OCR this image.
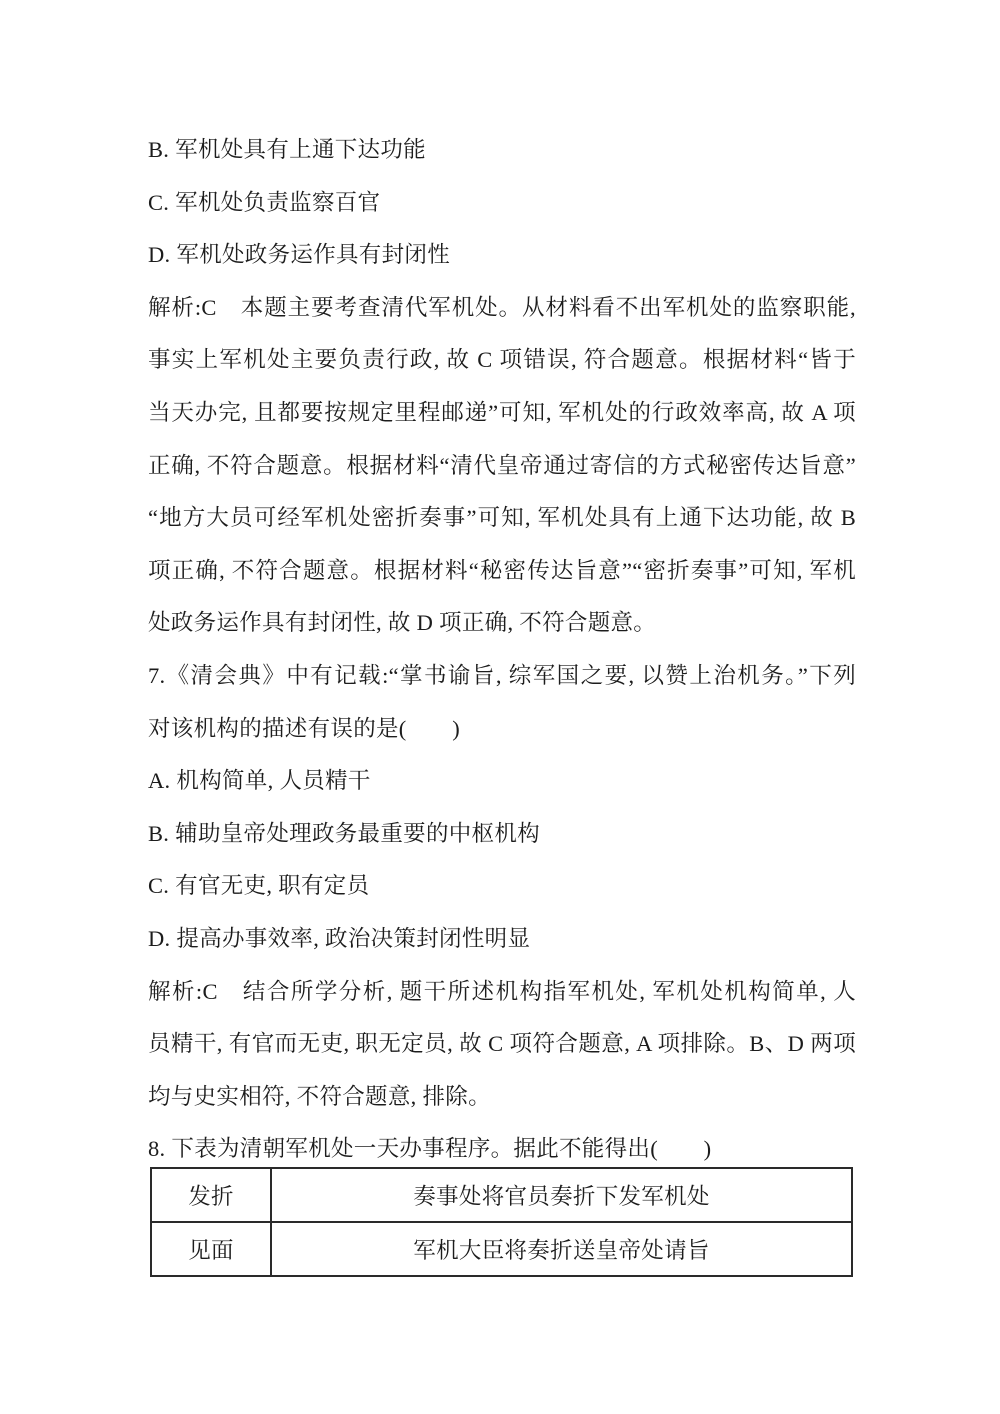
B. 军机处具有上通下达功能
C. 军机处负责监察百官
D. 军机处政务运作具有封闭性
解析:C　本题主要考查清代军机处。从材料看不出军机处的监察职能,
事实上军机处主要负责行政, 故 C 项错误, 符合题意。根据材料“皆于
当天办完, 且都要按规定里程邮递”可知, 军机处的行政效率高, 故 A 项
正确, 不符合题意。根据材料“清代皇帝通过寄信的方式秘密传达旨意”
“地方大员可经军机处密折奏事”可知, 军机处具有上通下达功能, 故 B
项正确, 不符合题意。根据材料“秘密传达旨意”“密折奏事”可知, 军机
处政务运作具有封闭性, 故 D 项正确, 不符合题意。
7.《清会典》中有记载:“掌书谕旨, 综军国之要, 以赞上治机务。”下列
对该机构的描述有误的是(　　)
A. 机构简单, 人员精干
B. 辅助皇帝处理政务最重要的中枢机构
C. 有官无吏, 职有定员
D. 提高办事效率, 政治决策封闭性明显
解析:C　结合所学分析, 题干所述机构指军机处, 军机处机构简单, 人
员精干, 有官而无吏, 职无定员, 故 C 项符合题意, A 项排除。B、D 两项
均与史实相符, 不符合题意, 排除。
8. 下表为清朝军机处一天办事程序。据此不能得出(　　)
发折	奏事处将官员奏折下发军机处
见面	军机大臣将奏折送皇帝处请旨
